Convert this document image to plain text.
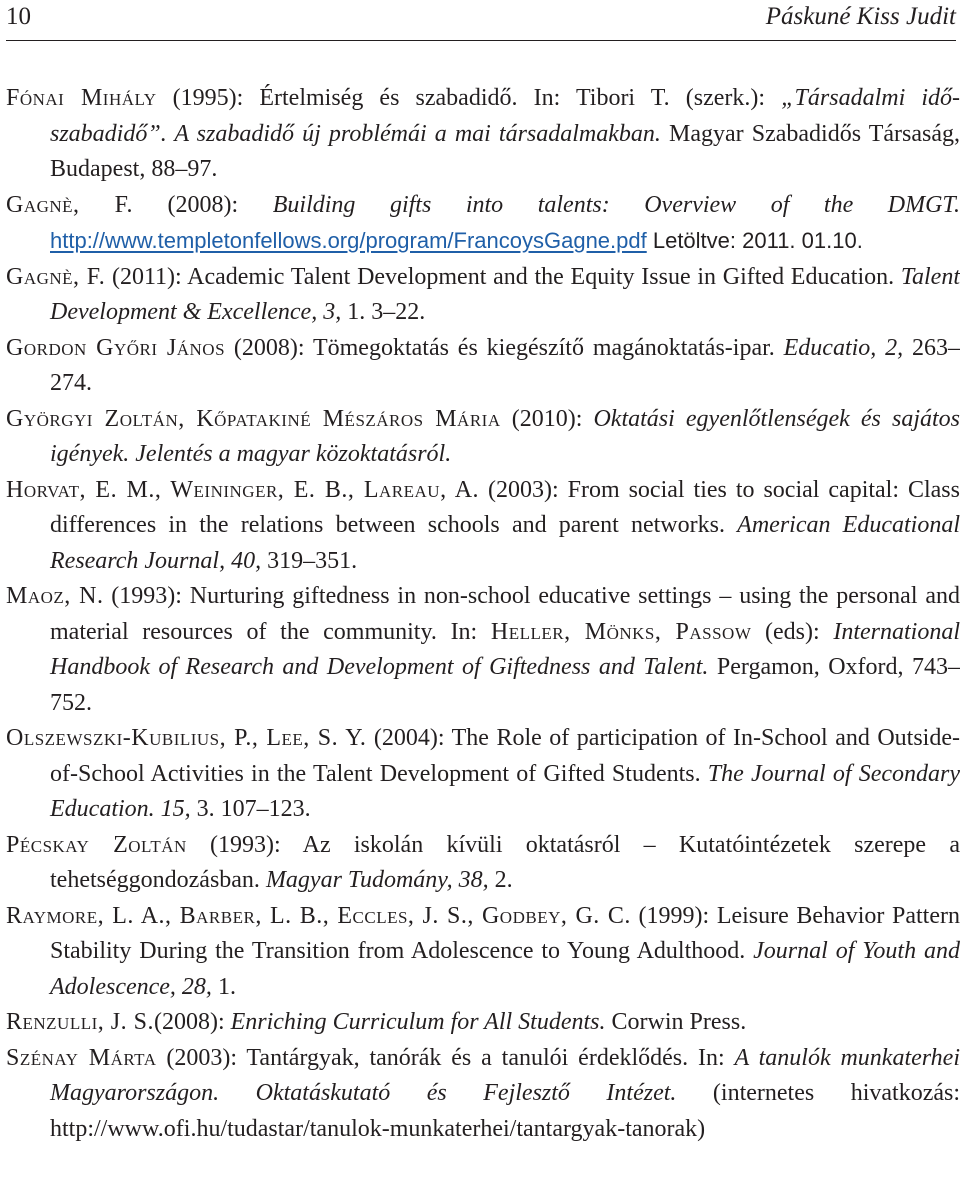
10	Páskuné Kiss Judit
Fónai Mihály (1995): Értelmiség és szabadidő. In: Tibori T. (szerk.): „Társadalmi idő-szabadidő”. A szabadidő új problémái a mai társadalmakban. Magyar Szabadidős Társaság, Budapest, 88–97.
Gagnè, F. (2008): Building gifts into talents: Overview of the DMGT. http://www.templetonfellows.org/program/FrancoysGagne.pdf Letöltve: 2011. 01.10.
Gagnè, F. (2011): Academic Talent Development and the Equity Issue in Gifted Education. Talent Development & Excellence, 3, 1. 3–22.
Gordon Győri János (2008): Tömegoktatás és kiegészítő magánoktatás-ipar. Educatio, 2, 263–274.
Györgyi Zoltán, Kőpatakiné Mészáros Mária (2010): Oktatási egyenlőtlenségek és sajátos igények. Jelentés a magyar közoktatásról.
Horvat, E. M., Weininger, E. B., Lareau, A. (2003): From social ties to social capital: Class differences in the relations between schools and parent networks. American Educational Research Journal, 40, 319–351.
Maoz, N. (1993): Nurturing giftedness in non-school educative settings – using the personal and material resources of the community. In: Heller, Mönks, Passow (eds): International Handbook of Research and Development of Giftedness and Talent. Pergamon, Oxford, 743–752.
Olszewszki-Kubilius, P., Lee, S. Y. (2004): The Role of participation of In-School and Outside-of-School Activities in the Talent Development of Gifted Students. The Journal of Secondary Education. 15, 3. 107–123.
Pécskay Zoltán (1993): Az iskolán kívüli oktatásról – Kutatóintézetek szerepe a tehetséggondozásban. Magyar Tudomány, 38, 2.
Raymore, L. A., Barber, L. B., Eccles, J. S., Godbey, G. C. (1999): Leisure Behavior Pattern Stability During the Transition from Adolescence to Young Adulthood. Journal of Youth and Adolescence, 28, 1.
Renzulli, J. S.(2008): Enriching Curriculum for All Students. Corwin Press.
Szénay Márta (2003): Tantárgyak, tanórák és a tanulói érdeklődés. In: A tanulók munkaterhei Magyarországon. Oktatáskutató és Fejlesztő Intézet. (internetes hivatkozás: http://www.ofi.hu/tudastar/tanulok-munkaterhei/tantargyak-tanorak)
